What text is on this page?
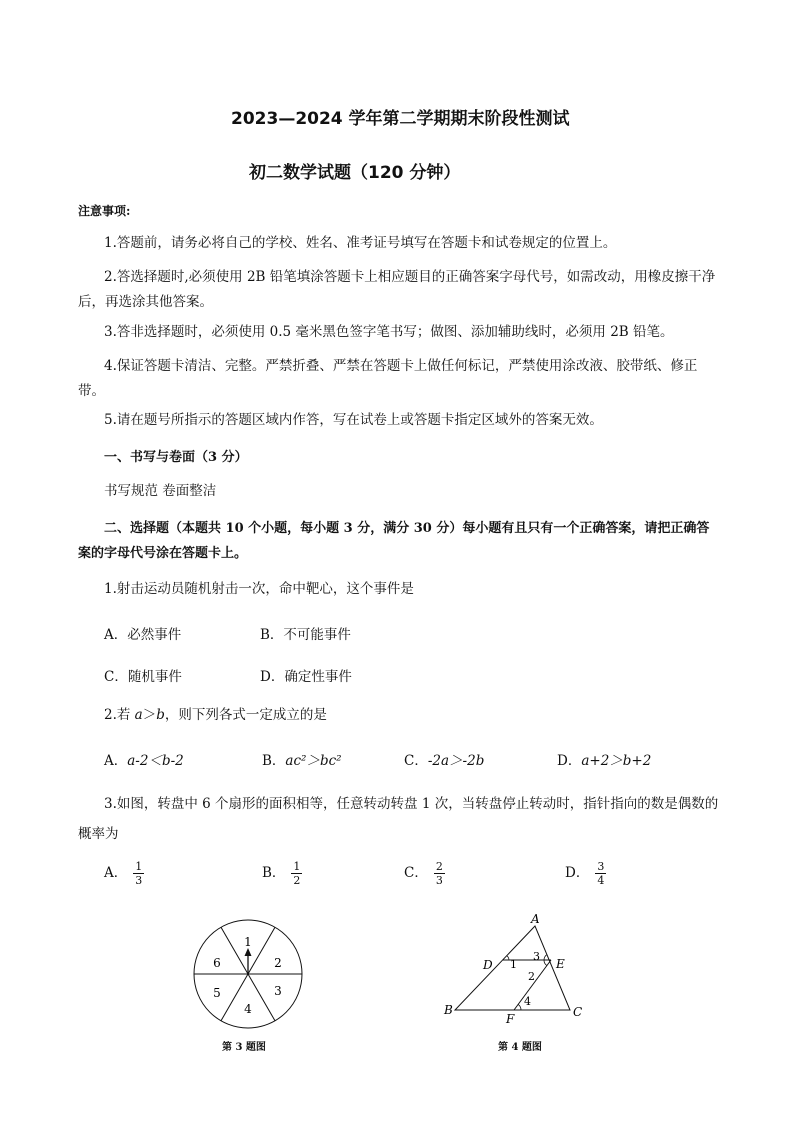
2023—2024 学年第二学期期末阶段性测试
初二数学试题（120 分钟）
注意事项:
1.答题前，请务必将自己的学校、姓名、准考证号填写在答题卡和试卷规定的位置上。
2.答选择题时,必须使用 2B 铅笔填涂答题卡上相应题目的正确答案字母代号，如需改动，用橡皮擦干净后，再选涂其他答案。
3.答非选择题时，必须使用 0.5 毫米黑色签字笔书写；做图、添加辅助线时，必须用 2B 铅笔。
4.保证答题卡清洁、完整。严禁折叠、严禁在答题卡上做任何标记，严禁使用涂改液、胶带纸、修正带。
5.请在题号所指示的答题区域内作答，写在试卷上或答题卡指定区域外的答案无效。
一、书写与卷面（3 分）
书写规范 卷面整洁
二、选择题（本题共 10 个小题，每小题 3 分，满分 30 分）每小题有且只有一个正确答案，请把正确答案的字母代号涂在答题卡上。
1.射击运动员随机射击一次，命中靶心，这个事件是
A．必然事件	B．不可能事件
C．随机事件	D．确定性事件
2.若 a＞b，则下列各式一定成立的是
A．a-2＜b-2	B．ac²＞bc²	C．-2a＞-2b	D．a+2＞b+2
3.如图，转盘中 6 个扇形的面积相等，任意转动转盘 1 次，当转盘停止转动时，指针指向的数是偶数的概率为
A． $\frac{1}{3}$	B． $\frac{1}{2}$	C． $\frac{2}{3}$	D． $\frac{3}{4}$
1
2
3
4
5
6
第 3 题图
A
B	C
D	E
F
1
2
3
4
第 4 题图
